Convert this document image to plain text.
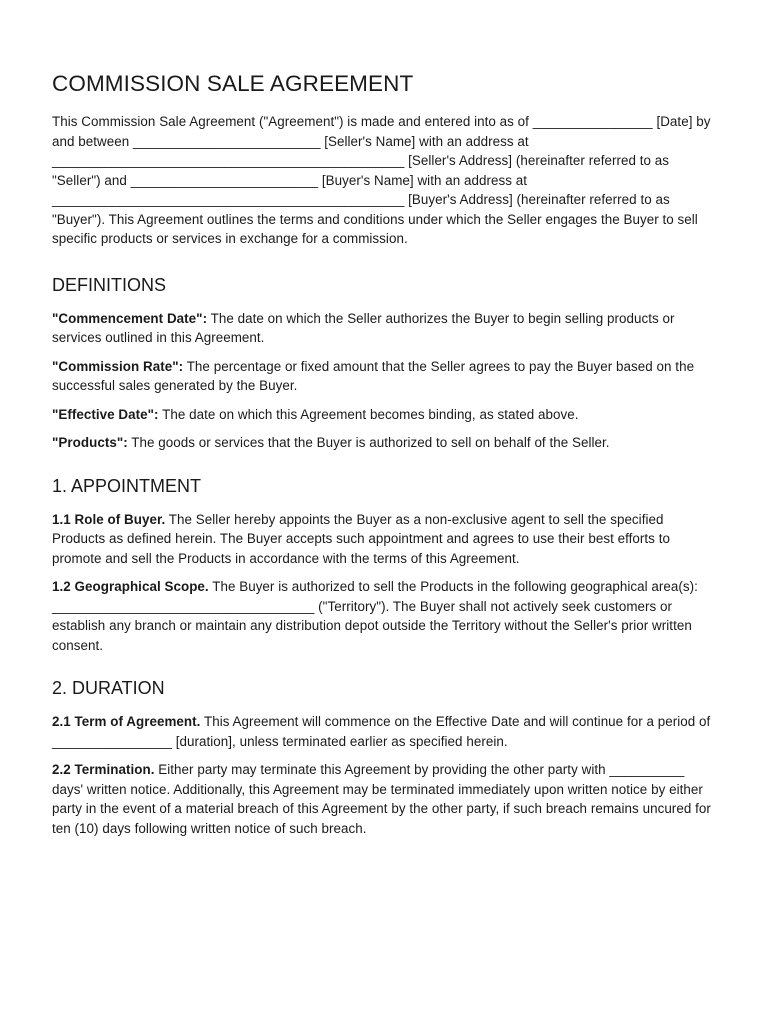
COMMISSION SALE AGREEMENT

This Commission Sale Agreement ("Agreement") is made and entered into as of ________________ [Date] by and between _________________________ [Seller's Name] with an address at _______________________________________________ [Seller's Address] (hereinafter referred to as "Seller") and _________________________ [Buyer's Name] with an address at _______________________________________________ [Buyer's Address] (hereinafter referred to as "Buyer"). This Agreement outlines the terms and conditions under which the Seller engages the Buyer to sell specific products or services in exchange for a commission.

DEFINITIONS

"Commencement Date": The date on which the Seller authorizes the Buyer to begin selling products or services outlined in this Agreement.

"Commission Rate": The percentage or fixed amount that the Seller agrees to pay the Buyer based on the successful sales generated by the Buyer.

"Effective Date": The date on which this Agreement becomes binding, as stated above.

"Products": The goods or services that the Buyer is authorized to sell on behalf of the Seller.

1. APPOINTMENT

1.1 Role of Buyer. The Seller hereby appoints the Buyer as a non-exclusive agent to sell the specified Products as defined herein. The Buyer accepts such appointment and agrees to use their best efforts to promote and sell the Products in accordance with the terms of this Agreement.

1.2 Geographical Scope. The Buyer is authorized to sell the Products in the following geographical area(s): ___________________________________ ("Territory"). The Buyer shall not actively seek customers or establish any branch or maintain any distribution depot outside the Territory without the Seller's prior written consent.

2. DURATION

2.1 Term of Agreement. This Agreement will commence on the Effective Date and will continue for a period of ________________ [duration], unless terminated earlier as specified herein.

2.2 Termination. Either party may terminate this Agreement by providing the other party with __________ days' written notice. Additionally, this Agreement may be terminated immediately upon written notice by either party in the event of a material breach of this Agreement by the other party, if such breach remains uncured for ten (10) days following written notice of such breach.
